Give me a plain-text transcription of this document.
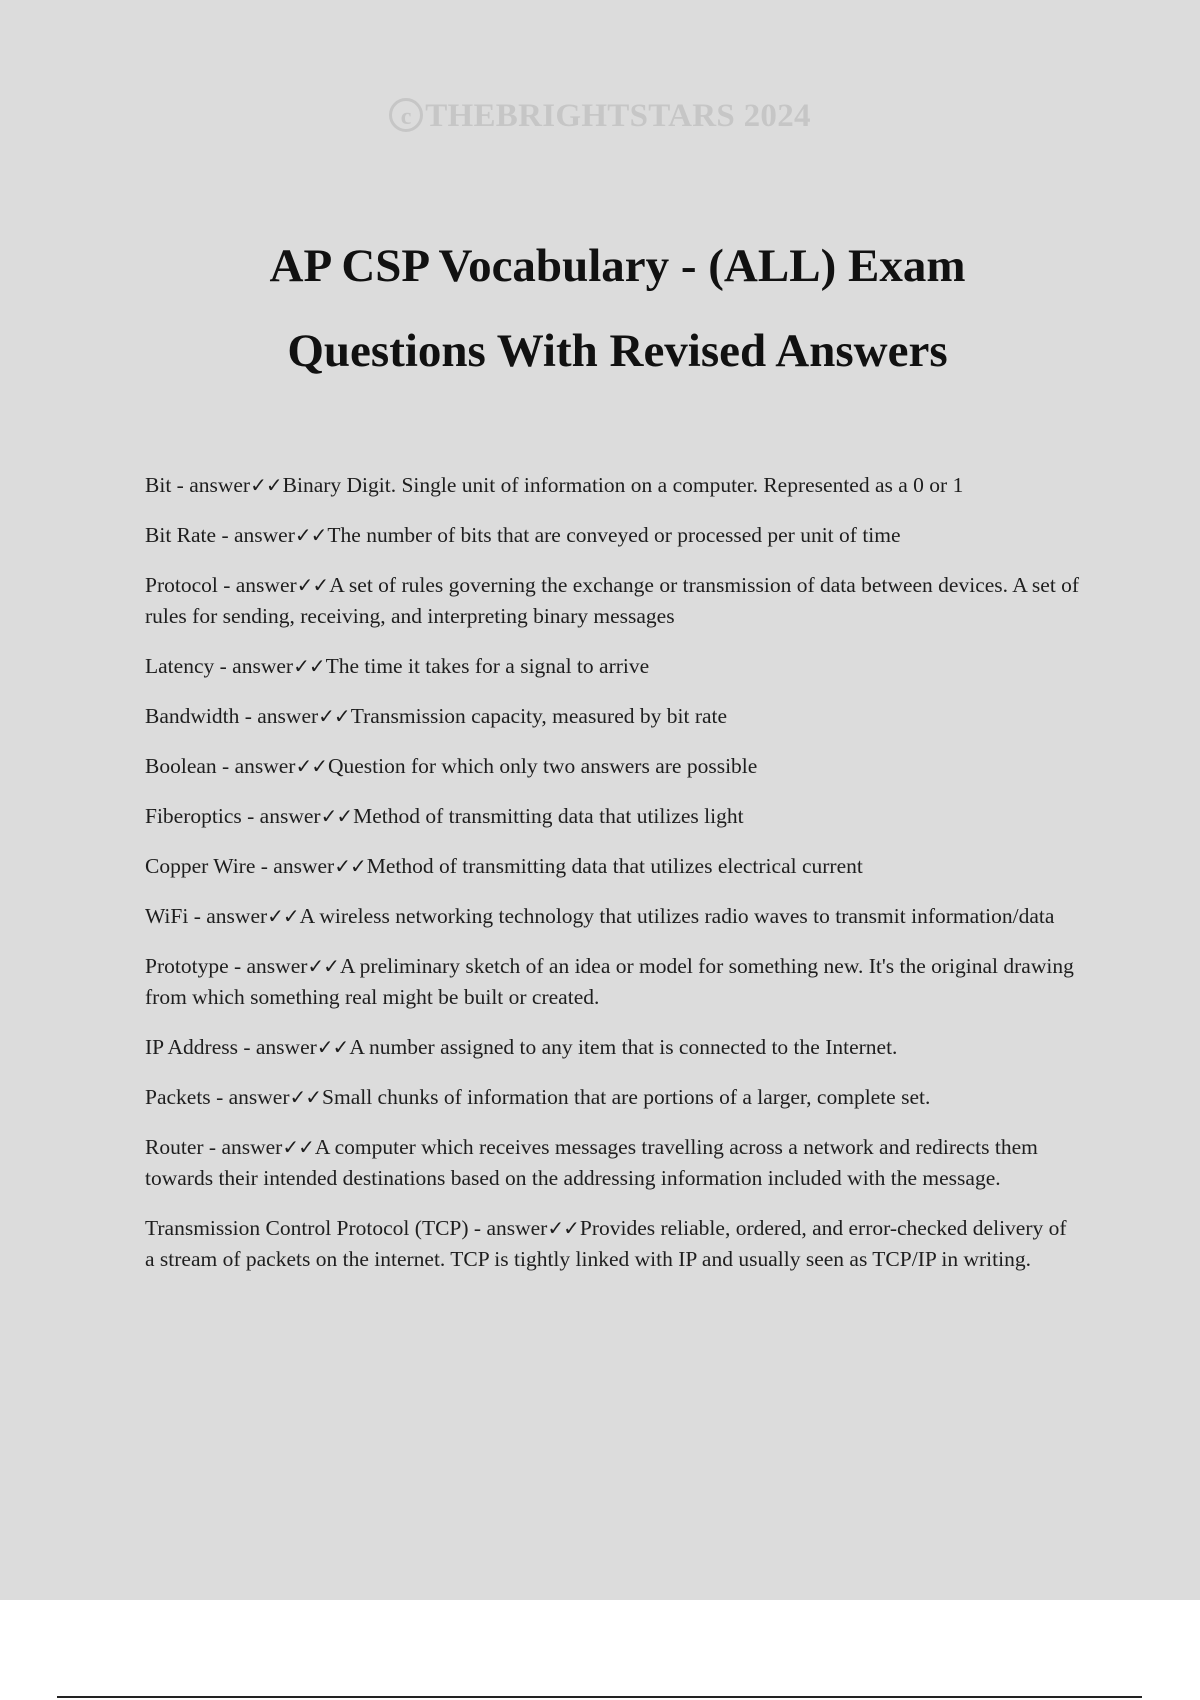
c THEBRIGHTSTARS 2024
AP CSP Vocabulary - (ALL) Exam
Questions With Revised Answers

Bit - answer✓✓Binary Digit. Single unit of information on a computer. Represented as a 0 or 1

Bit Rate - answer✓✓The number of bits that are conveyed or processed per unit of time

Protocol - answer✓✓A set of rules governing the exchange or transmission of data between devices. A set of rules for sending, receiving, and interpreting binary messages

Latency - answer✓✓The time it takes for a signal to arrive

Bandwidth - answer✓✓Transmission capacity, measured by bit rate

Boolean - answer✓✓Question for which only two answers are possible

Fiberoptics - answer✓✓Method of transmitting data that utilizes light

Copper Wire - answer✓✓Method of transmitting data that utilizes electrical current

WiFi - answer✓✓A wireless networking technology that utilizes radio waves to transmit information/data

Prototype - answer✓✓A preliminary sketch of an idea or model for something new. It's the original drawing from which something real might be built or created.

IP Address - answer✓✓A number assigned to any item that is connected to the Internet.

Packets - answer✓✓Small chunks of information that are portions of a larger, complete set.

Router - answer✓✓A computer which receives messages travelling across a network and redirects them towards their intended destinations based on the addressing information included with the message.

Transmission Control Protocol (TCP) - answer✓✓Provides reliable, ordered, and error-checked delivery of a stream of packets on the internet. TCP is tightly linked with IP and usually seen as TCP/IP in writing.
